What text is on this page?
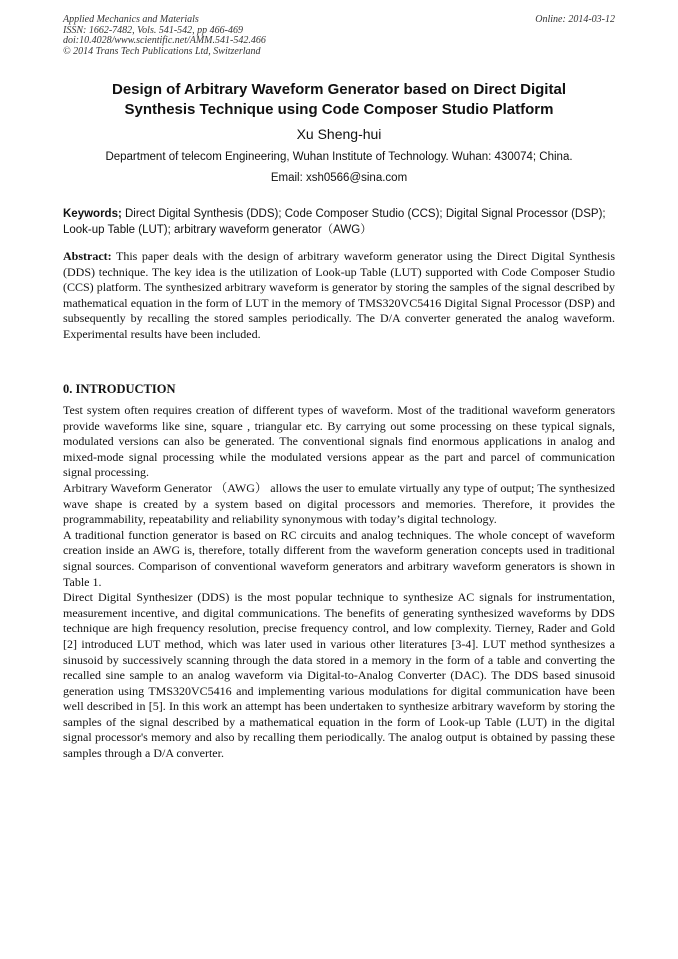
Applied Mechanics and Materials
ISSN: 1662-7482, Vols. 541-542, pp 466-469
doi:10.4028/www.scientific.net/AMM.541-542.466
© 2014 Trans Tech Publications Ltd, Switzerland
Online: 2014-03-12
Design of Arbitrary Waveform Generator based on Direct Digital
Synthesis Technique using Code Composer Studio Platform
Xu Sheng-hui
Department of telecom Engineering, Wuhan Institute of Technology. Wuhan: 430074; China.
Email: xsh0566@sina.com
Keywords; Direct Digital Synthesis (DDS); Code Composer Studio (CCS); Digital Signal Processor (DSP); Look-up Table (LUT); arbitrary waveform generator（AWG）
Abstract: This paper deals with the design of arbitrary waveform generator using the Direct Digital Synthesis (DDS) technique. The key idea is the utilization of Look-up Table (LUT) supported with Code Composer Studio (CCS) platform. The synthesized arbitrary waveform is generator by storing the samples of the signal described by mathematical equation in the form of LUT in the memory of TMS320VC5416 Digital Signal Processor (DSP) and subsequently by recalling the stored samples periodically. The D/A converter generated the analog waveform. Experimental results have been included.
0. INTRODUCTION

Test system often requires creation of different types of waveform. Most of the traditional waveform generators provide waveforms like sine, square , triangular etc. By carrying out some processing on these typical signals, modulated versions can also be generated. The conventional signals find enormous applications in analog and mixed-mode signal processing while the modulated versions appear as the part and parcel of communication signal processing.

Arbitrary Waveform Generator （AWG） allows the user to emulate virtually any type of output; The synthesized wave shape is created by a system based on digital processors and memories. Therefore, it provides the programmability, repeatability and reliability synonymous with today’s digital technology.

A traditional function generator is based on RC circuits and analog techniques. The whole concept of waveform creation inside an AWG is, therefore, totally different from the waveform generation concepts used in traditional signal sources. Comparison of conventional waveform generators and arbitrary waveform generators is shown in Table 1.

Direct Digital Synthesizer (DDS) is the most popular technique to synthesize AC signals for instrumentation, measurement incentive, and digital communications. The benefits of generating synthesized waveforms by DDS technique are high frequency resolution, precise frequency control, and low complexity. Tierney, Rader and Gold [2] introduced LUT method, which was later used in various other literatures [3-4]. LUT method synthesizes a sinusoid by successively scanning through the data stored in a memory in the form of a table and converting the recalled sine sample to an analog waveform via Digital-to-Analog Converter (DAC). The DDS based sinusoid generation using TMS320VC5416 and implementing various modulations for digital communication have been well described in [5]. In this work an attempt has been undertaken to synthesize arbitrary waveform by storing the samples of the signal described by a mathematical equation in the form of Look-up Table (LUT) in the digital signal processor's memory and also by recalling them periodically. The analog output is obtained by passing these samples through a D/A converter.
